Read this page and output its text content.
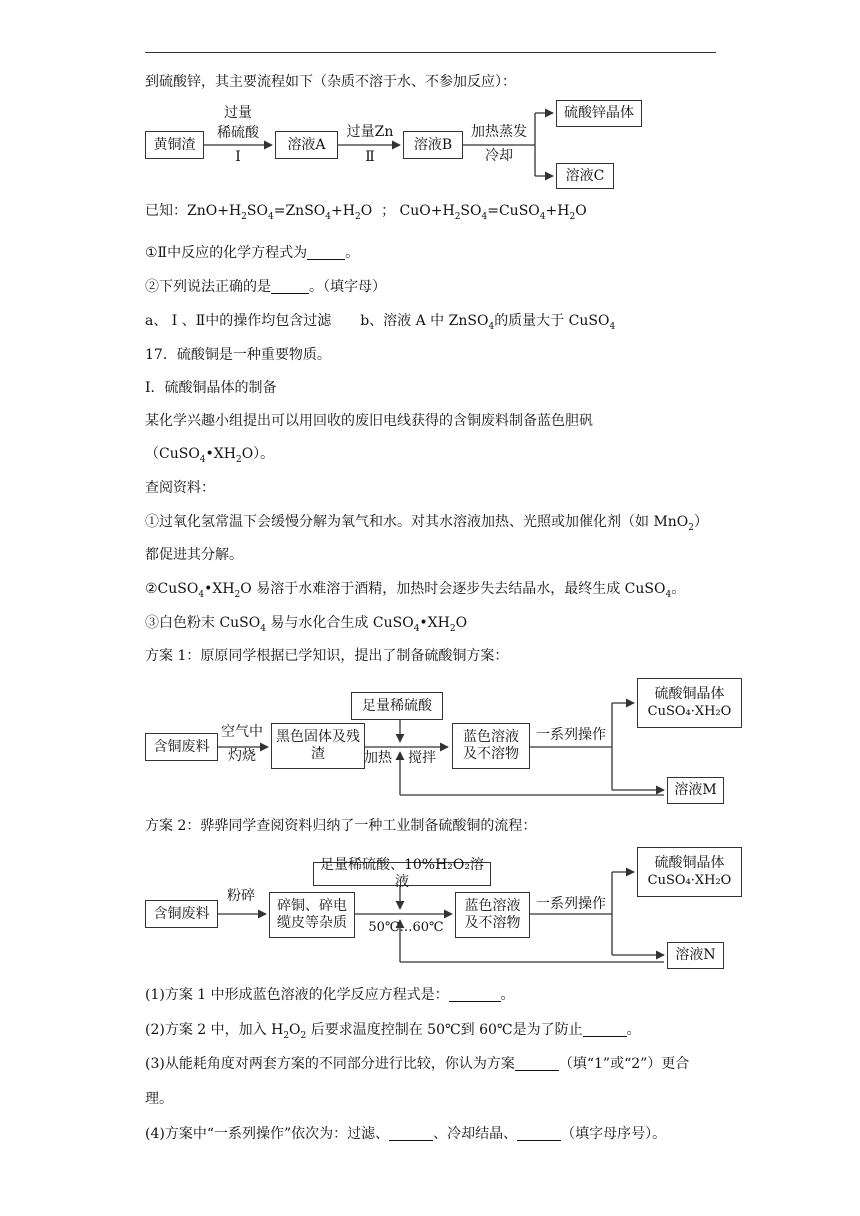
到硫酸锌，其主要流程如下（杂质不溶于水、不参加反应）：
黄铜渣
过量
稀硫酸
Ⅰ
溶液A
过量Zn
Ⅱ
溶液B
加热蒸发
冷却
硫酸锌晶体
溶液C
已知：$ZnO+H_2SO_4=ZnSO_4+H_2O$ ； $CuO+H_2SO_4=CuSO_4+H_2O$
①Ⅱ中反应的化学方程式为	。
②下列说法正确的是	。（填字母）
a、 Ⅰ 、Ⅱ中的操作均包含过滤 b、溶液 A 中 ZnSO$_4$的质量大于 CuSO$_4$
17．硫酸铜是一种重要物质。
Ⅰ．硫酸铜晶体的制备
某化学兴趣小组提出可以用回收的废旧电线获得的含铜废料制备蓝色胆矾
$(CuSO_4•XH_2O)$。
查阅资料：
①过氧化氢常温下会缓慢分解为氧气和水。对其水溶液加热、光照或加催化剂（如 MnO$_2$）
都促进其分解。
$②CuSO_4•XH_2O$ 易溶于水难溶于酒精，加热时会逐步失去结晶水，最终生成 CuSO$_4$。
③白色粉末 CuSO$_4$ 易与水化合生成 $CuSO_4•XH_2O$
方案 1：原原同学根据已学知识，提出了制备硫酸铜方案：
含铜废料
空气中
灼烧
黑色固体及残渣
足量稀硫酸
加热 搅拌
蓝色溶液及不溶物
一系列操作
硫酸铜晶体
CuSO₄·XH₂O
溶液M
方案 2：骅骅同学查阅资料归纳了一种工业制备硫酸铜的流程：
含铜废料
粉碎
碎铜、碎电缆皮等杂质
足量稀硫酸、10%H₂O₂溶液
50℃…60℃
蓝色溶液及不溶物
一系列操作
硫酸铜晶体
CuSO₄·XH₂O
溶液N
(1)方案 1 中形成蓝色溶液的化学反应方程式是：	。
(2)方案 2 中，加入 $H_2O_2$ 后要求温度控制在 50℃到 60℃是为了防止	。
(3)从能耗角度对两套方案的不同部分进行比较，你认为方案	（填“1”或“2”）更合
理。
(4)方案中“一系列操作”依次为：过滤、	、冷却结晶、	（填字母序号）。
